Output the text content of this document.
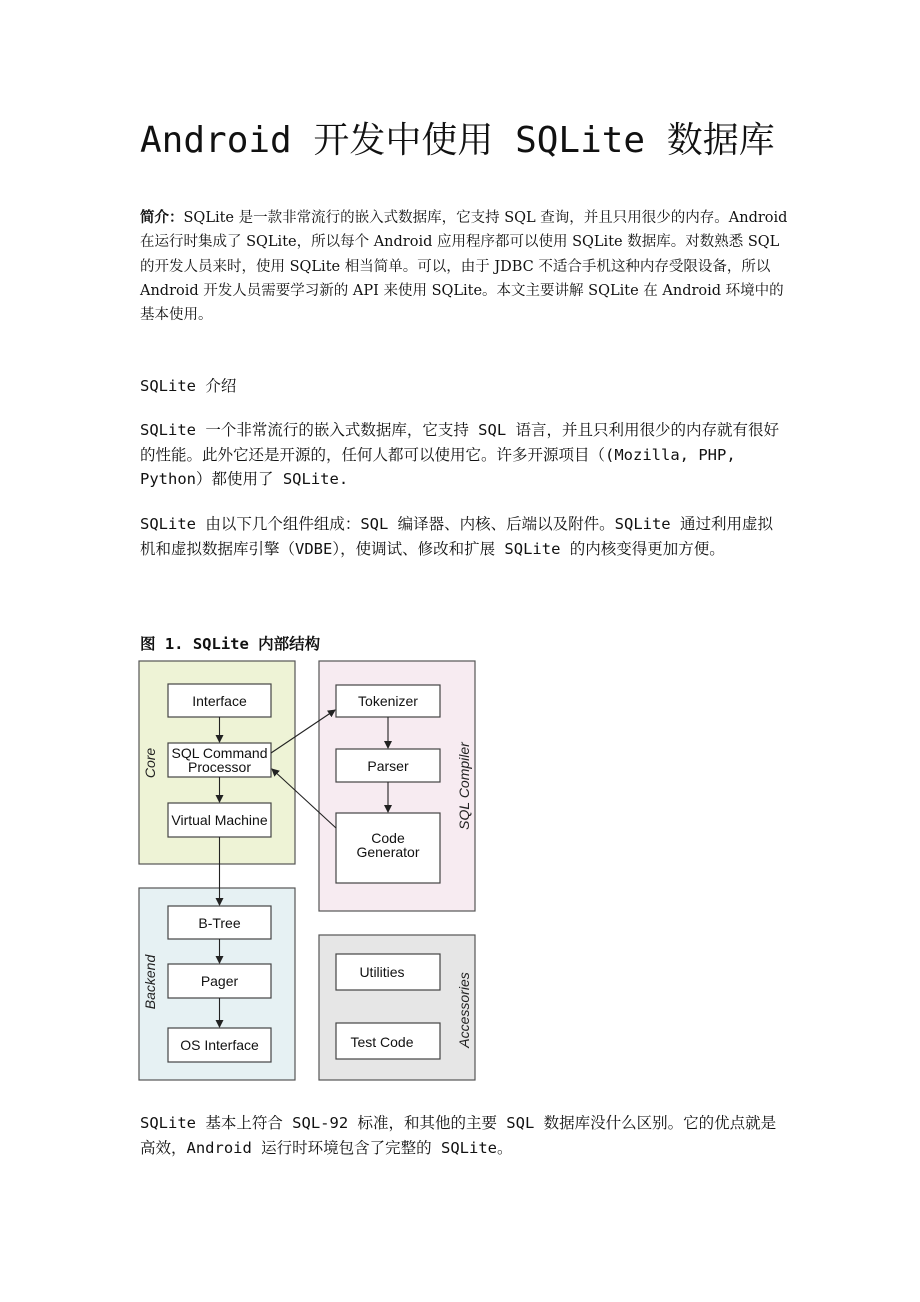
Android 开发中使用 SQLite 数据库

简介：SQLite 是一款非常流行的嵌入式数据库，它支持 SQL 查询，并且只用很少的内存。Android 在运行时集成了 SQLite，所以每个 Android 应用程序都可以使用 SQLite 数据库。对数熟悉 SQL 的开发人员来时，使用 SQLite 相当简单。可以，由于 JDBC 不适合手机这种内存受限设备，所以 Android 开发人员需要学习新的 API 来使用 SQLite。本文主要讲解 SQLite 在 Android 环境中的基本使用。

SQLite 介绍

SQLite 一个非常流行的嵌入式数据库，它支持 SQL 语言，并且只利用很少的内存就有很好的性能。此外它还是开源的，任何人都可以使用它。许多开源项目（(Mozilla, PHP, Python）都使用了 SQLite.

SQLite 由以下几个组件组成：SQL 编译器、内核、后端以及附件。SQLite 通过利用虚拟机和虚拟数据库引擎（VDBE），使调试、修改和扩展 SQLite 的内核变得更加方便。

图 1. SQLite 内部结构

Core	SQL Compiler
Backend	Accessories
Interface
SQL Command
Processor
Virtual Machine
Tokenizer
Parser
Code
Generator
B-Tree
Pager
OS Interface
Utilities
Test Code

SQLite 基本上符合 SQL-92 标准，和其他的主要 SQL 数据库没什么区别。它的优点就是高效，Android 运行时环境包含了完整的 SQLite。
